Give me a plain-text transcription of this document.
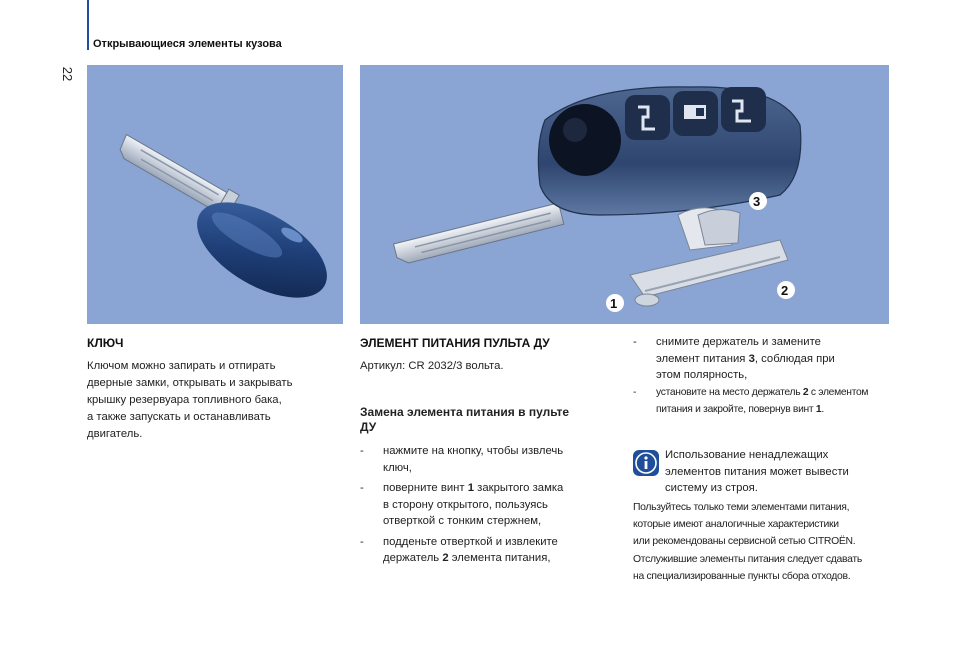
Открывающиеся элементы кузова
22
3
2
1
КЛЮЧ
Ключом можно запирать и отпирать
дверные замки, открывать и закрывать
крышку резервуара топливного бака,
а также запускать и останавливать
двигатель.
ЭЛЕМЕНТ ПИТАНИЯ ПУЛЬТА ДУ
Артикул: CR 2032/3 вольта.
Замена элемента питания в пульте
ДУ
- нажмите на кнопку, чтобы извлечь
ключ,
- поверните винт 1 закрытого замка
в сторону открытого, пользуясь
отверткой с тонким стержнем,
- подденьте отверткой и извлеките
держатель 2 элемента питания,
- снимите держатель и замените
элемент питания 3, соблюдая при
этом полярность,
- установите на место держатель 2 с элементом
питания и закройте, повернув винт 1.
Использование ненадлежащих
элементов питания может вывести
систему из строя.
Пользуйтесь только теми элементами питания,
которые имеют аналогичные характеристики
или рекомендованы сервисной сетью CITROËN.
Отслужившие элементы питания следует сдавать
на специализированные пункты сбора отходов.
